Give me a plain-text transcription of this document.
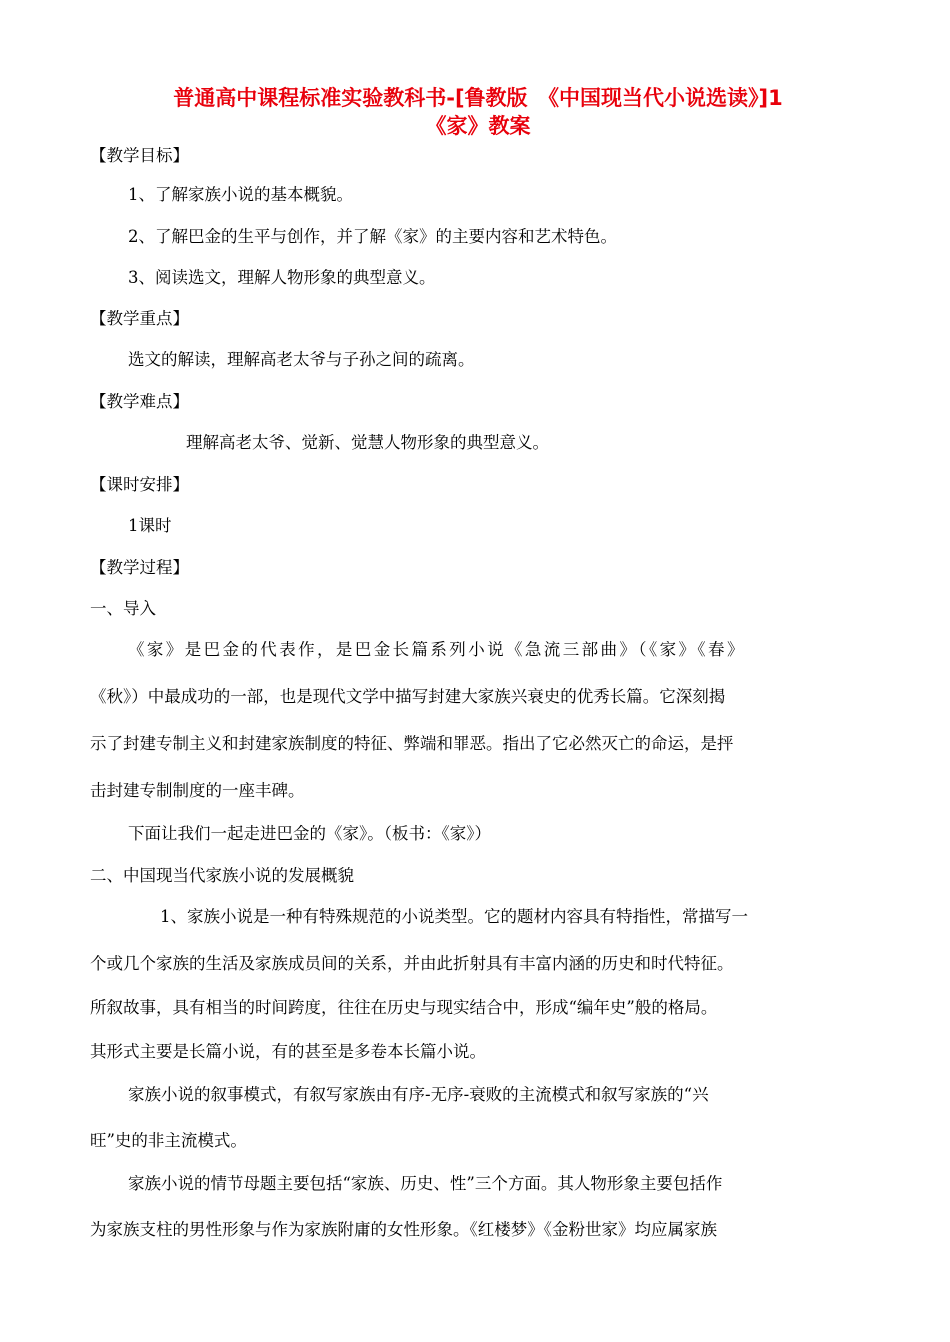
普通高中课程标准实验教科书-[鲁教版　《中国现当代小说选读》]1
《家》教案
【教学目标】
1、了解家族小说的基本概貌。
2、了解巴金的生平与创作，并了解《家》的主要内容和艺术特色。
3、阅读选文，理解人物形象的典型意义。
【教学重点】
选文的解读，理解高老太爷与子孙之间的疏离。
【教学难点】
理解高老太爷、觉新、觉慧人物形象的典型意义。
【课时安排】
1课时
【教学过程】
一、导入
《家》是巴金的代表作，是巴金长篇系列小说《急流三部曲》（《家》《春》
《秋》）中最成功的一部，也是现代文学中描写封建大家族兴衰史的优秀长篇。它深刻揭
示了封建专制主义和封建家族制度的特征、弊端和罪恶。指出了它必然灭亡的命运，是抨
击封建专制制度的一座丰碑。
下面让我们一起走进巴金的《家》。（板书：《家》）
二、中国现当代家族小说的发展概貌
1、家族小说是一种有特殊规范的小说类型。它的题材内容具有特指性，常描写一
个或几个家族的生活及家族成员间的关系，并由此折射具有丰富内涵的历史和时代特征。
所叙故事，具有相当的时间跨度，往往在历史与现实结合中，形成“编年史”般的格局。
其形式主要是长篇小说，有的甚至是多卷本长篇小说。
家族小说的叙事模式，有叙写家族由有序-无序-衰败的主流模式和叙写家族的“兴
旺”史的非主流模式。
家族小说的情节母题主要包括“家族、历史、性”三个方面。其人物形象主要包括作
为家族支柱的男性形象与作为家族附庸的女性形象。《红楼梦》《金粉世家》均应属家族
